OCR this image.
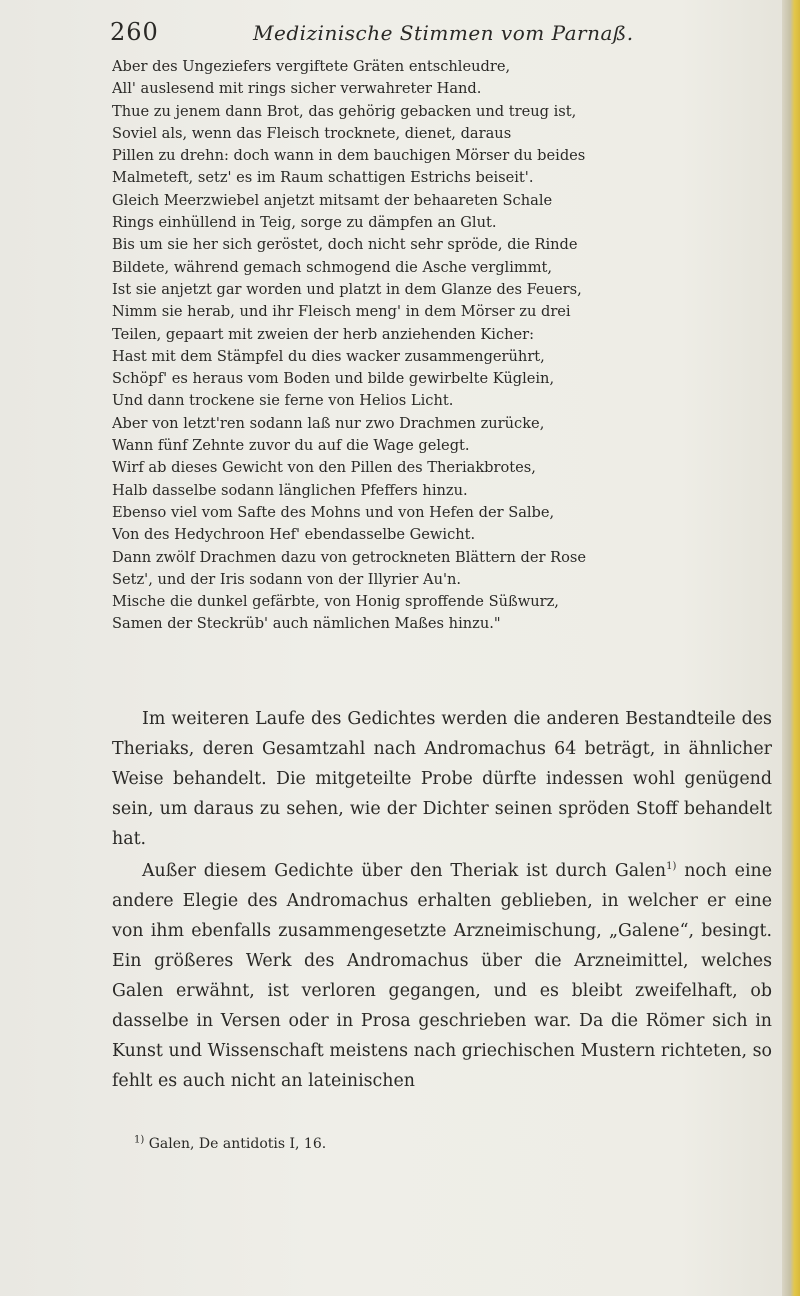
260	Medizinische Stimmen vom Parnaß.
Aber des Ungeziefers vergiftete Gräten entschleudre,
All' auslesend mit rings sicher verwahreter Hand.
Thue zu jenem dann Brot, das gehörig gebacken und treug ist,
Soviel als, wenn das Fleisch trocknete, dienet, daraus
Pillen zu drehn: doch wann in dem bauchigen Mörser du beides
Malmeteft, setz' es im Raum schattigen Estrichs beiseit'.
Gleich Meerzwiebel anjetzt mitsamt der behaareten Schale
Rings einhüllend in Teig, sorge zu dämpfen an Glut.
Bis um sie her sich geröstet, doch nicht sehr spröde, die Rinde
Bildete, während gemach schmogend die Asche verglimmt,
Ist sie anjetzt gar worden und platzt in dem Glanze des Feuers,
Nimm sie herab, und ihr Fleisch meng' in dem Mörser zu drei
Teilen, gepaart mit zweien der herb anziehenden Kicher:
Hast mit dem Stämpfel du dies wacker zusammengerührt,
Schöpf' es heraus vom Boden und bilde gewirbelte Küglein,
Und dann trockene sie ferne von Helios Licht.
Aber von letzt'ren sodann laß nur zwo Drachmen zurücke,
Wann fünf Zehnte zuvor du auf die Wage gelegt.
Wirf ab dieses Gewicht von den Pillen des Theriakbrotes,
Halb dasselbe sodann länglichen Pfeffers hinzu.
Ebenso viel vom Safte des Mohns und von Hefen der Salbe,
Von des Hedychroon Hef' ebendasselbe Gewicht.
Dann zwölf Drachmen dazu von getrockneten Blättern der Rose
Setz', und der Iris sodann von der Illyrier Au'n.
Mische die dunkel gefärbte, von Honig sproffende Süßwurz,
Samen der Steckrüb' auch nämlichen Maßes hinzu."

Im weiteren Laufe des Gedichtes werden die anderen Bestandteile des Theriaks, deren Gesamtzahl nach Andromachus 64 beträgt, in ähnlicher Weise behandelt. Die mitgeteilte Probe dürfte indessen wohl genügend sein, um daraus zu sehen, wie der Dichter seinen spröden Stoff behandelt hat.

Außer diesem Gedichte über den Theriak ist durch Galen$^{1)}$ noch eine andere Elegie des Andromachus erhalten geblieben, in welcher er eine von ihm ebenfalls zusammengesetzte Arzneimischung, „Galene“, besingt. Ein größeres Werk des Andromachus über die Arzneimittel, welches Galen erwähnt, ist verloren gegangen, und es bleibt zweifelhaft, ob dasselbe in Versen oder in Prosa geschrieben war. Da die Römer sich in Kunst und Wissenschaft meistens nach griechischen Mustern richteten, so fehlt es auch nicht an lateinischen

$^{1)}$ Galen, De antidotis I, 16.
